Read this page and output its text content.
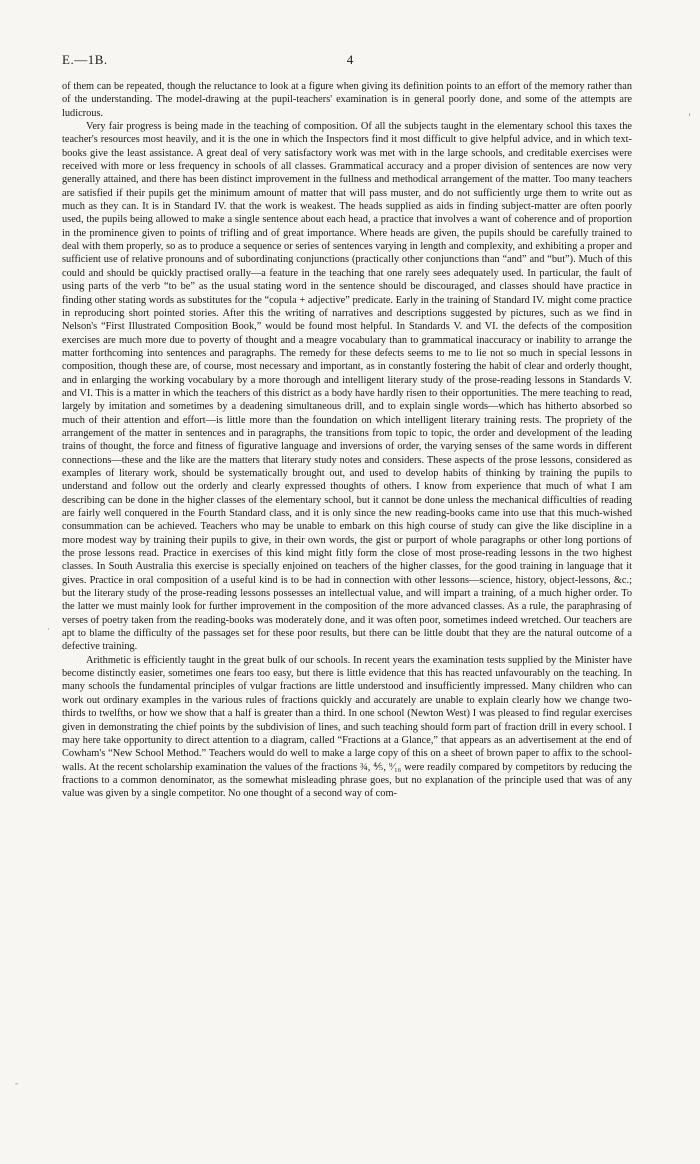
E.—1B.	4

of them can be repeated, though the reluctance to look at a figure when giving its definition points to an effort of the memory rather than of the understanding. The model-drawing at the pupil-teachers' examination is in general poorly done, and some of the attempts are ludicrous.

Very fair progress is being made in the teaching of composition. Of all the subjects taught in the elementary school this taxes the teacher's resources most heavily, and it is the one in which the Inspectors find it most difficult to give helpful advice, and in which text-books give the least assistance. A great deal of very satisfactory work was met with in the large schools, and creditable exercises were received with more or less frequency in schools of all classes. Grammatical accuracy and a proper division of sentences are now very generally attained, and there has been distinct improvement in the fullness and methodical arrangement of the matter. Too many teachers are satisfied if their pupils get the minimum amount of matter that will pass muster, and do not sufficiently urge them to write out as much as they can. It is in Standard IV. that the work is weakest. The heads supplied as aids in finding subject-matter are often poorly used, the pupils being allowed to make a single sentence about each head, a practice that involves a want of coherence and of proportion in the prominence given to points of trifling and of great importance. Where heads are given, the pupils should be carefully trained to deal with them properly, so as to produce a sequence or series of sentences varying in length and complexity, and exhibiting a proper and sufficient use of relative pronouns and of subordinating conjunctions (practically other conjunctions than “and” and “but”). Much of this could and should be quickly practised orally—a feature in the teaching that one rarely sees adequately used. In particular, the fault of using parts of the verb “to be” as the usual stating word in the sentence should be discouraged, and classes should have practice in finding other stating words as substitutes for the “copula + adjective” predicate. Early in the training of Standard IV. might come practice in reproducing short pointed stories. After this the writing of narratives and descriptions suggested by pictures, such as we find in Nelson's “First Illustrated Composition Book,” would be found most helpful. In Standards V. and VI. the defects of the composition exercises are much more due to poverty of thought and a meagre vocabulary than to grammatical inaccuracy or inability to arrange the matter forthcoming into sentences and paragraphs. The remedy for these defects seems to me to lie not so much in special lessons in composition, though these are, of course, most necessary and important, as in constantly fostering the habit of clear and orderly thought, and in enlarging the working vocabulary by a more thorough and intelligent literary study of the prose-reading lessons in Standards V. and VI. This is a matter in which the teachers of this district as a body have hardly risen to their opportunities. The mere teaching to read, largely by imitation and sometimes by a deadening simultaneous drill, and to explain single words—which has hitherto absorbed so much of their attention and effort—is little more than the foundation on which intelligent literary training rests. The propriety of the arrangement of the matter in sentences and in paragraphs, the transitions from topic to topic, the order and development of the leading trains of thought, the force and fitness of figurative language and inversions of order, the varying senses of the same words in different connections—these and the like are the matters that literary study notes and considers. These aspects of the prose lessons, considered as examples of literary work, should be systematically brought out, and used to develop habits of thinking by training the pupils to understand and follow out the orderly and clearly expressed thoughts of others. I know from experience that much of what I am describing can be done in the higher classes of the elementary school, but it cannot be done unless the mechanical difficulties of reading are fairly well conquered in the Fourth Standard class, and it is only since the new reading-books came into use that this much-wished consummation can be achieved. Teachers who may be unable to embark on this high course of study can give the like discipline in a more modest way by training their pupils to give, in their own words, the gist or purport of whole paragraphs or other long portions of the prose lessons read. Practice in exercises of this kind might fitly form the close of most prose-reading lessons in the two highest classes. In South Australia this exercise is specially enjoined on teachers of the higher classes, for the good training in language that it gives. Practice in oral composition of a useful kind is to be had in connection with other lessons—science, history, object-lessons, &c.; but the literary study of the prose-reading lessons possesses an intellectual value, and will impart a training, of a much higher order. To the latter we must mainly look for further improvement in the composition of the more advanced classes. As a rule, the paraphrasing of verses of poetry taken from the reading-books was moderately done, and it was often poor, sometimes indeed wretched. Our teachers are apt to blame the difficulty of the passages set for these poor results, but there can be little doubt that they are the natural outcome of a defective training.

Arithmetic is efficiently taught in the great bulk of our schools. In recent years the examination tests supplied by the Minister have become distinctly easier, sometimes one fears too easy, but there is little evidence that this has reacted unfavourably on the teaching. In many schools the fundamental principles of vulgar fractions are little understood and insufficiently impressed. Many children who can work out ordinary examples in the various rules of fractions quickly and accurately are unable to explain clearly how we change two-thirds to twelfths, or how we show that a half is greater than a third. In one school (Newton West) I was pleased to find regular exercises given in demonstrating the chief points by the subdivision of lines, and such teaching should form part of fraction drill in every school. I may here take opportunity to direct attention to a diagram, called “Fractions at a Glance,” that appears as an advertisement at the end of Cowham's “New School Method.” Teachers would do well to make a large copy of this on a sheet of brown paper to affix to the school-walls. At the recent scholarship examination the values of the fractions ¾, ⅘, ⁹⁄₁₆ were readily compared by competitors by reducing the fractions to a common denominator, as the somewhat misleading phrase goes, but no explanation of the principle used that was of any value was given by a single competitor. No one thought of a second way of com-

’
·
-
